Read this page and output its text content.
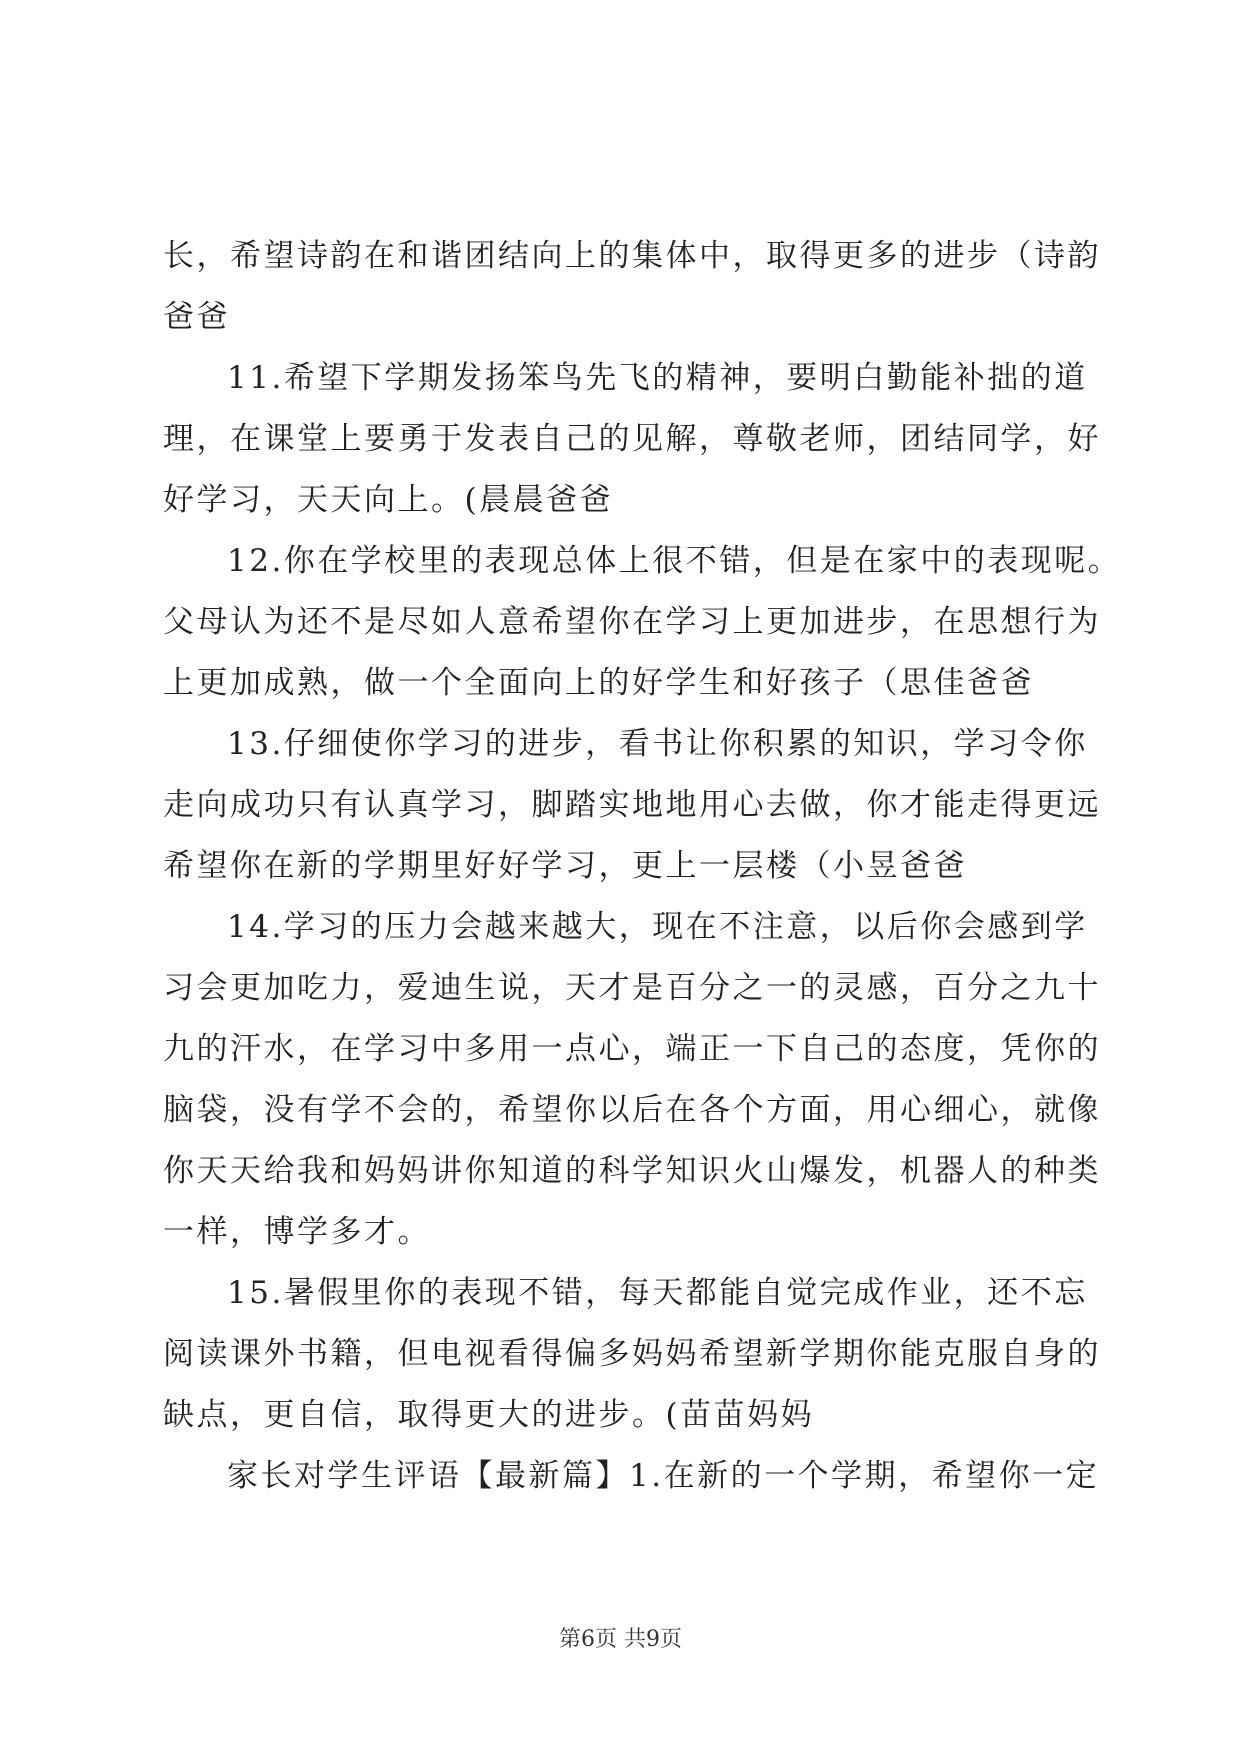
长，希望诗韵在和谐团结向上的集体中，取得更多的进步（诗韵
爸爸
11.希望下学期发扬笨鸟先飞的精神，要明白勤能补拙的道
理，在课堂上要勇于发表自己的见解，尊敬老师，团结同学，好
好学习，天天向上。(晨晨爸爸
12.你在学校里的表现总体上很不错，但是在家中的表现呢。
父母认为还不是尽如人意希望你在学习上更加进步，在思想行为
上更加成熟，做一个全面向上的好学生和好孩子（思佳爸爸
13.仔细使你学习的进步，看书让你积累的知识，学习令你
走向成功只有认真学习，脚踏实地地用心去做，你才能走得更远
希望你在新的学期里好好学习，更上一层楼（小昱爸爸
14.学习的压力会越来越大，现在不注意，以后你会感到学
习会更加吃力，爱迪生说，天才是百分之一的灵感，百分之九十
九的汗水，在学习中多用一点心，端正一下自己的态度，凭你的
脑袋，没有学不会的，希望你以后在各个方面，用心细心，就像
你天天给我和妈妈讲你知道的科学知识火山爆发，机器人的种类
一样，博学多才。
15.暑假里你的表现不错，每天都能自觉完成作业，还不忘
阅读课外书籍，但电视看得偏多妈妈希望新学期你能克服自身的
缺点，更自信，取得更大的进步。(苗苗妈妈
家长对学生评语【最新篇】1.在新的一个学期，希望你一定
第6页 共9页
